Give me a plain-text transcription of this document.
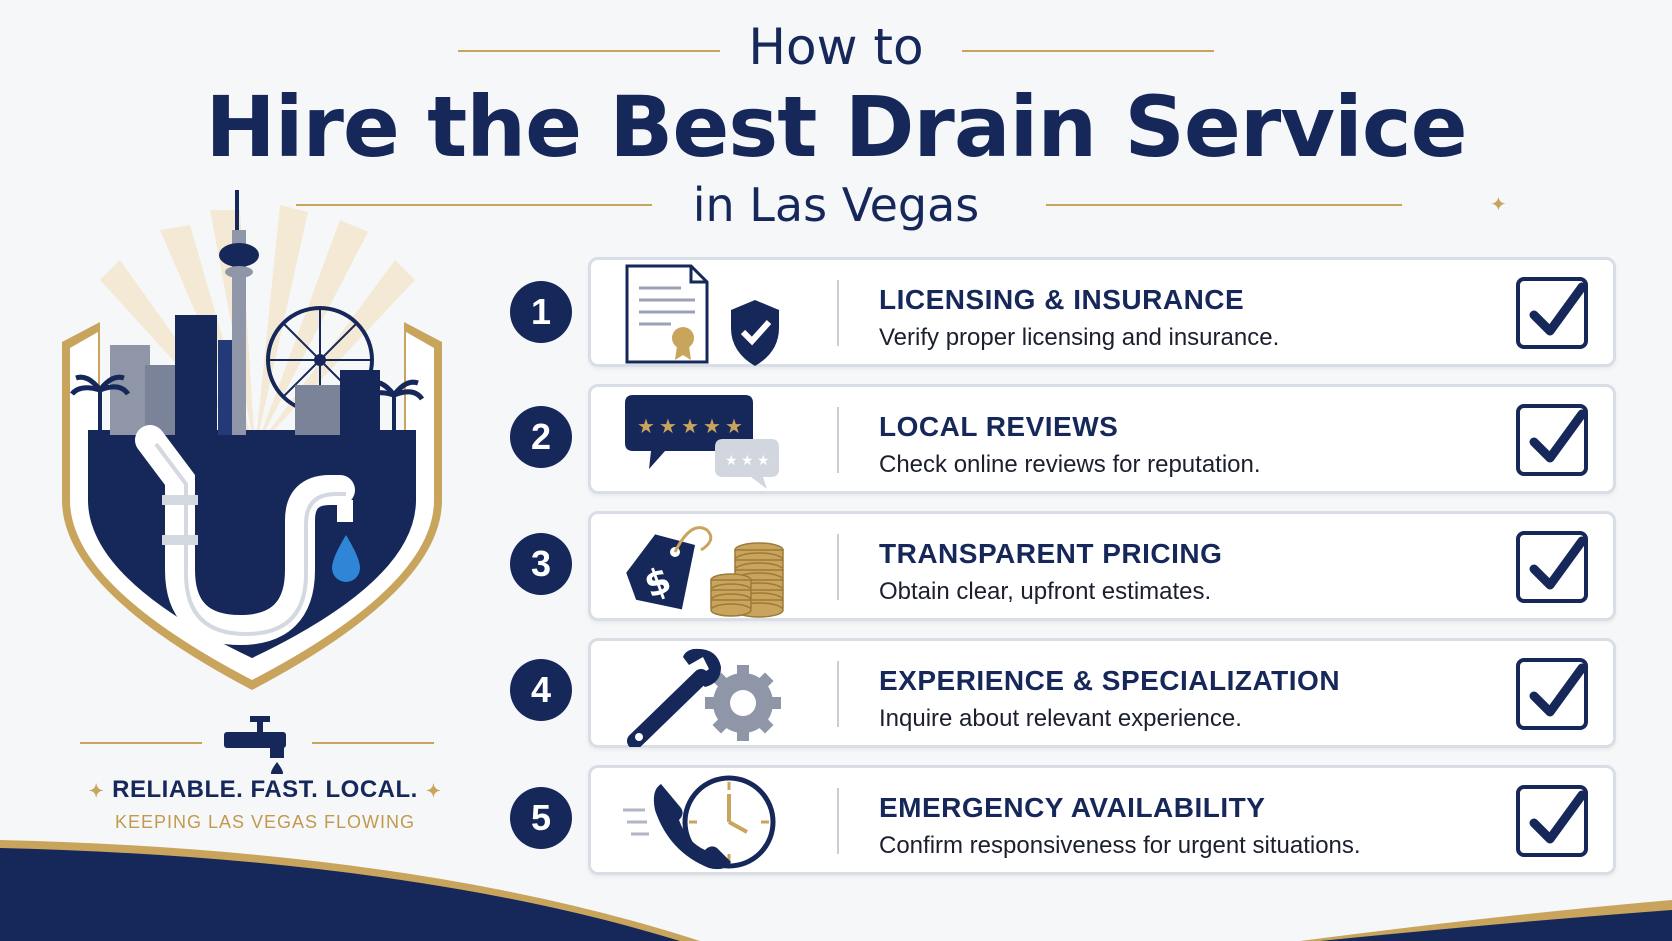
How to
Hire the Best Drain Service
in Las Vegas	✦
✦ RELIABLE. FAST. LOCAL. ✦
KEEPING LAS VEGAS FLOWING
1	LICENSING & INSURANCE
Verify proper licensing and insurance.
2	★ ★ ★ ★ ★
★ ★ ★
LOCAL REVIEWS
Check online reviews for reputation.
3	$
TRANSPARENT PRICING
Obtain clear, upfront estimates.
4	EXPERIENCE & SPECIALIZATION
Inquire about relevant experience.
5	EMERGENCY AVAILABILITY
Confirm responsiveness for urgent situations.
